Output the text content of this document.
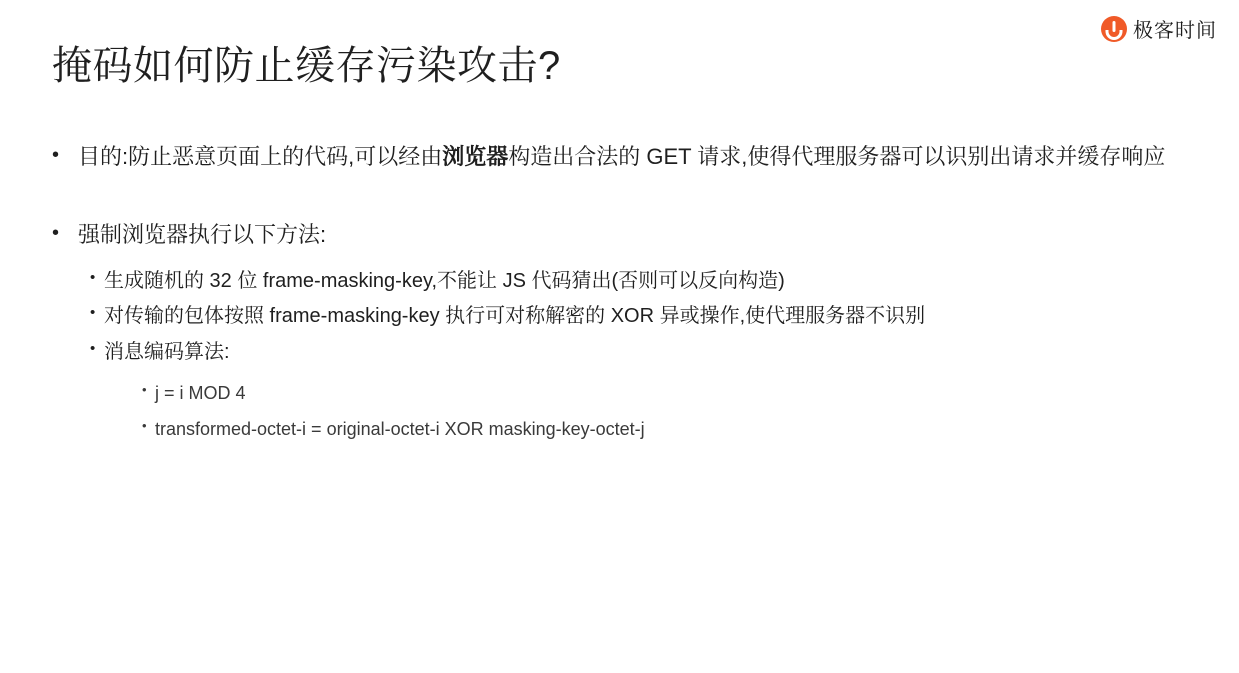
极客时间
掩码如何防止缓存污染攻击?
• 目的:防止恶意页面上的代码,可以经由浏览器构造出合法的 GET 请求,使得代理服务器可以识别出请求并缓存响应
• 强制浏览器执行以下方法:
• 生成随机的 32 位 frame-masking-key,不能让 JS 代码猜出(否则可以反向构造)
• 对传输的包体按照 frame-masking-key 执行可对称解密的 XOR 异或操作,使代理服务器不识别
• 消息编码算法:
• j = i MOD 4
• transformed-octet-i = original-octet-i XOR masking-key-octet-j
